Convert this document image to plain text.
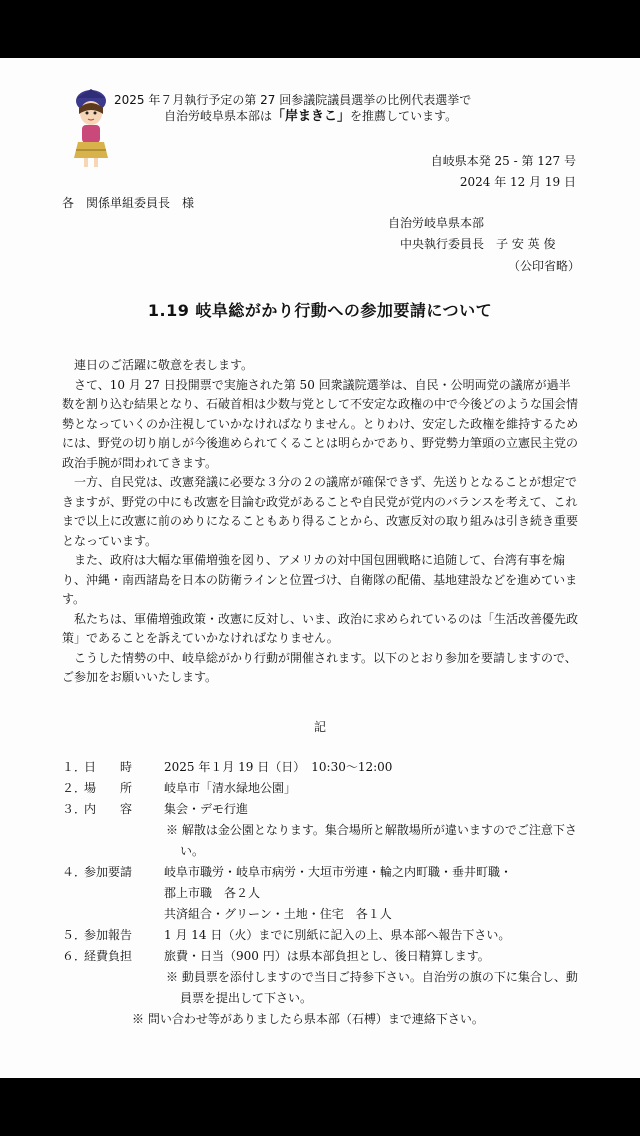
2025 年７月執行予定の第 27 回参議院議員選挙の比例代表選挙で
自治労岐阜県本部は「岸まきこ」を推薦しています。
自岐県本発 25 - 第 127 号
2024 年 12 月 19 日
各　関係単組委員長　様
自治労岐阜県本部
中央執行委員長　子 安 英 俊
（公印省略）
1.19 岐阜総がかり行動への参加要請について

　連日のご活躍に敬意を表します。

　さて、10 月 27 日投開票で実施された第 50 回衆議院選挙は、自民・公明両党の議席が過半数を割り込む結果となり、石破首相は少数与党として不安定な政権の中で今後どのような国会情勢となっていくのか注視していかなければなりません。とりわけ、安定した政権を維持するためには、野党の切り崩しが今後進められてくることは明らかであり、野党勢力筆頭の立憲民主党の政治手腕が問われてきます。

　一方、自民党は、改憲発議に必要な３分の２の議席が確保できず、先送りとなることが想定できますが、野党の中にも改憲を目論む政党があることや自民党が党内のバランスを考えて、これまで以上に改憲に前のめりになることもあり得ることから、改憲反対の取り組みは引き続き重要となっています。

　また、政府は大幅な軍備増強を図り、アメリカの対中国包囲戦略に追随して、台湾有事を煽り、沖縄・南西諸島を日本の防衛ラインと位置づけ、自衛隊の配備、基地建設などを進めています。

　私たちは、軍備増強政策・改憲に反対し、いま、政治に求められているのは「生活改善優先政策」であることを訴えていかなければなりません。

　こうした情勢の中、岐阜総がかり行動が開催されます。以下のとおり参加を要請しますので、ご参加をお願いいたします。

記
１．
日　　時	2025 年１月 19 日（日）　10:30～12:00
２．
場　　所	岐阜市「清水緑地公園」
３．
内　　容	集会・デモ行進
※ 解散は金公園となります。集合場所と解散場所が違いますのでご注意下さい。
４．
参加要請	岐阜市職労・岐阜市病労・大垣市労連・輪之内町職・垂井町職・
郡上市職　各２人
共済組合・グリーン・土地・住宅　各１人
５．
参加報告	1 月 14 日（火）までに別紙に記入の上、県本部へ報告下さい。
６．
経費負担	旅費・日当（900 円）は県本部負担とし、後日精算します。
※ 動員票を添付しますので当日ご持参下さい。自治労の旗の下に集合し、動員票を提出して下さい。
※ 問い合わせ等がありましたら県本部（石榑）まで連絡下さい。
